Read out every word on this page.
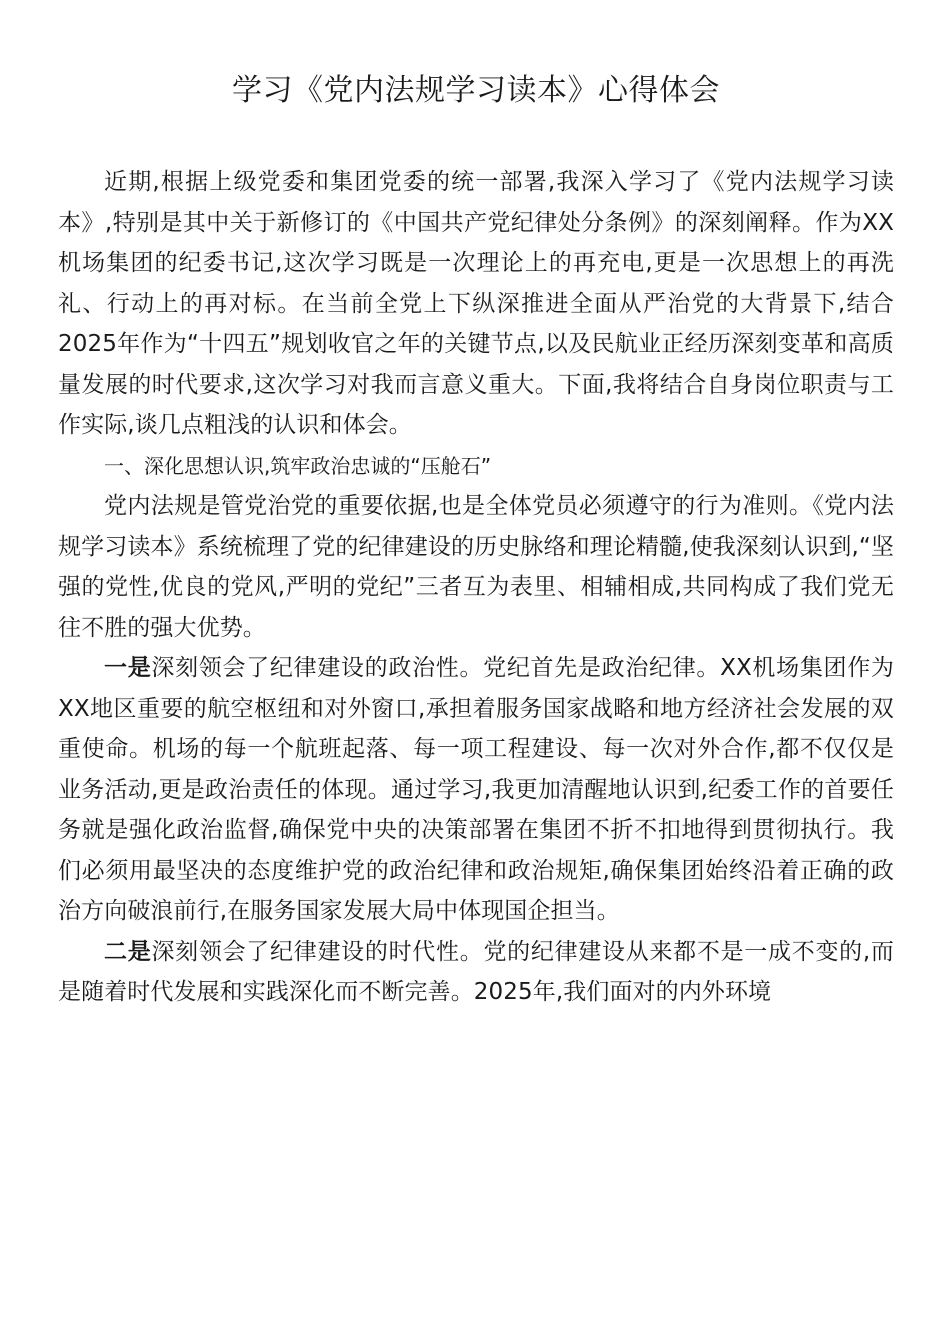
学习《党内法规学习读本》心得体会

近期,根据上级党委和集团党委的统一部署,我深入学习了《党内法规学习读本》,特别是其中关于新修订的《中国共产党纪律处分条例》的深刻阐释。作为XX机场集团的纪委书记,这次学习既是一次理论上的再充电,更是一次思想上的再洗礼、行动上的再对标。在当前全党上下纵深推进全面从严治党的大背景下,结合2025年作为“十四五”规划收官之年的关键节点,以及民航业正经历深刻变革和高质量发展的时代要求,这次学习对我而言意义重大。下面,我将结合自身岗位职责与工作实际,谈几点粗浅的认识和体会。

一、深化思想认识,筑牢政治忠诚的“压舱石”

党内法规是管党治党的重要依据,也是全体党员必须遵守的行为准则。《党内法规学习读本》系统梳理了党的纪律建设的历史脉络和理论精髓,使我深刻认识到,“坚强的党性,优良的党风,严明的党纪”三者互为表里、相辅相成,共同构成了我们党无往不胜的强大优势。

一是深刻领会了纪律建设的政治性。党纪首先是政治纪律。XX机场集团作为XX地区重要的航空枢纽和对外窗口,承担着服务国家战略和地方经济社会发展的双重使命。机场的每一个航班起落、每一项工程建设、每一次对外合作,都不仅仅是业务活动,更是政治责任的体现。通过学习,我更加清醒地认识到,纪委工作的首要任务就是强化政治监督,确保党中央的决策部署在集团不折不扣地得到贯彻执行。我们必须用最坚决的态度维护党的政治纪律和政治规矩,确保集团始终沿着正确的政治方向破浪前行,在服务国家发展大局中体现国企担当。

二是深刻领会了纪律建设的时代性。党的纪律建设从来都不是一成不变的,而是随着时代发展和实践深化而不断完善。2025年,我们面对的内外环境
